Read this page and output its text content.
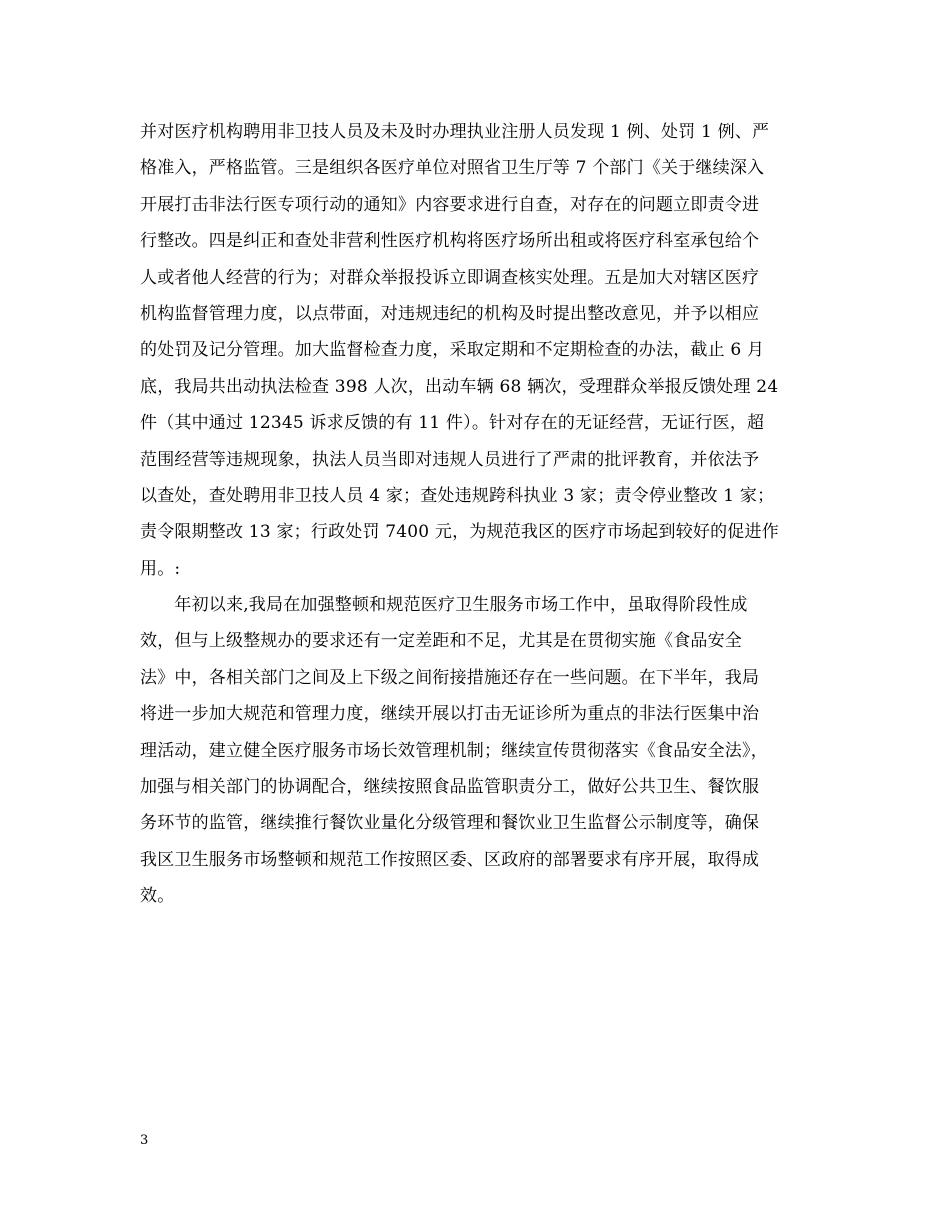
并对医疗机构聘用非卫技人员及未及时办理执业注册人员发现 1 例、处罚 1 例、严
格准入，严格监管。三是组织各医疗单位对照省卫生厅等 7 个部门《关于继续深入
开展打击非法行医专项行动的通知》内容要求进行自查，对存在的问题立即责令进
行整改。四是纠正和查处非营利性医疗机构将医疗场所出租或将医疗科室承包给个
人或者他人经营的行为；对群众举报投诉立即调查核实处理。五是加大对辖区医疗
机构监督管理力度，以点带面，对违规违纪的机构及时提出整改意见，并予以相应
的处罚及记分管理。加大监督检查力度，采取定期和不定期检查的办法，截止 6 月
底，我局共出动执法检查 398 人次，出动车辆 68 辆次，受理群众举报反馈处理 24
件（其中通过 12345 诉求反馈的有 11 件）。针对存在的无证经营，无证行医，超
范围经营等违规现象，执法人员当即对违规人员进行了严肃的批评教育，并依法予
以查处，查处聘用非卫技人员 4 家；查处违规跨科执业 3 家；责令停业整改 1 家；
责令限期整改 13 家；行政处罚 7400 元，为规范我区的医疗市场起到较好的促进作
用。:
　　年初以来,我局在加强整顿和规范医疗卫生服务市场工作中，虽取得阶段性成
效，但与上级整规办的要求还有一定差距和不足，尤其是在贯彻实施《食品安全
法》中，各相关部门之间及上下级之间衔接措施还存在一些问题。在下半年，我局
将进一步加大规范和管理力度，继续开展以打击无证诊所为重点的非法行医集中治
理活动，建立健全医疗服务市场长效管理机制；继续宣传贯彻落实《食品安全法》，
加强与相关部门的协调配合，继续按照食品监管职责分工，做好公共卫生、餐饮服
务环节的监管，继续推行餐饮业量化分级管理和餐饮业卫生监督公示制度等，确保
我区卫生服务市场整顿和规范工作按照区委、区政府的部署要求有序开展，取得成
效。
3
